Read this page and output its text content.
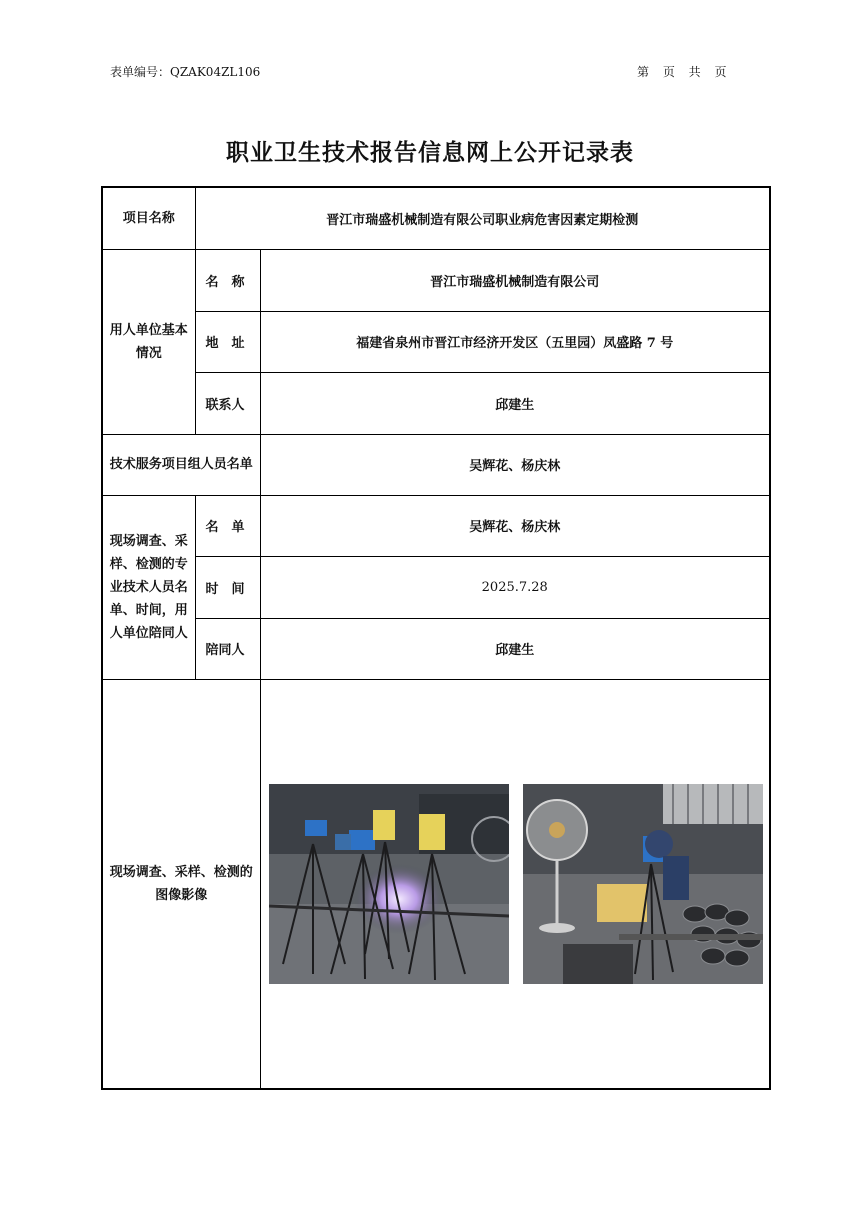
表单编号：QZAK04ZL106	第 页 共 页
职业卫生技术报告信息网上公开记录表
项目名称	晋江市瑞盛机械制造有限公司职业病危害因素定期检测	
用人单位基本情况	名　称	晋江市瑞盛机械制造有限公司
	地　址	福建省泉州市晋江市经济开发区（五里园）凤盛路 7 号
	联系人	邱建生
技术服务项目组人员名单		吴辉花、杨庆林
现场调查、采样、检测的专业技术人员名单、时间，用人单位陪同人	名　单	吴辉花、杨庆林
	时　间	2025.7.28
	陪同人	邱建生
现场调查、采样、检测的图像影像	
